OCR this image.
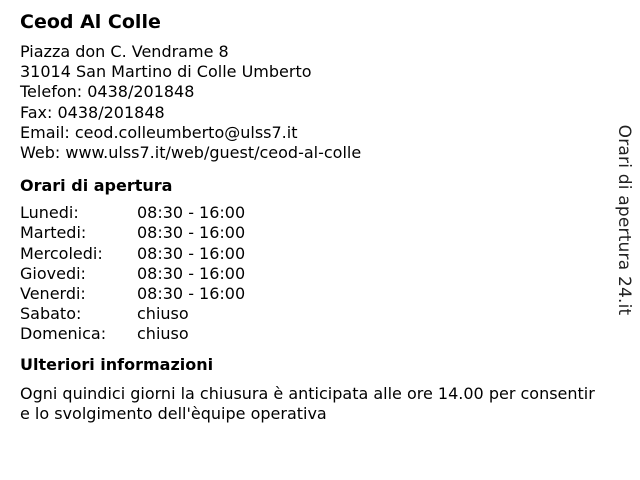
Ceod Al Colle
Piazza don C. Vendrame 8
31014 San Martino di Colle Umberto
Telefon: 0438/201848
Fax: 0438/201848
Email: ceod.colleumberto@ulss7.it
Web: www.ulss7.it/web/guest/ceod-al-colle
Orari di apertura
Lunedi:	08:30 - 16:00
Martedi:	08:30 - 16:00
Mercoledi:	08:30 - 16:00
Giovedi:	08:30 - 16:00
Venerdi:	08:30 - 16:00
Sabato:	chiuso
Domenica:	chiuso
Ulteriori informazioni
Ogni quindici giorni la chiusura è anticipata alle ore 14.00 per consentire lo svolgimento dell'èquipe operativa
Orari di apertura 24.it
